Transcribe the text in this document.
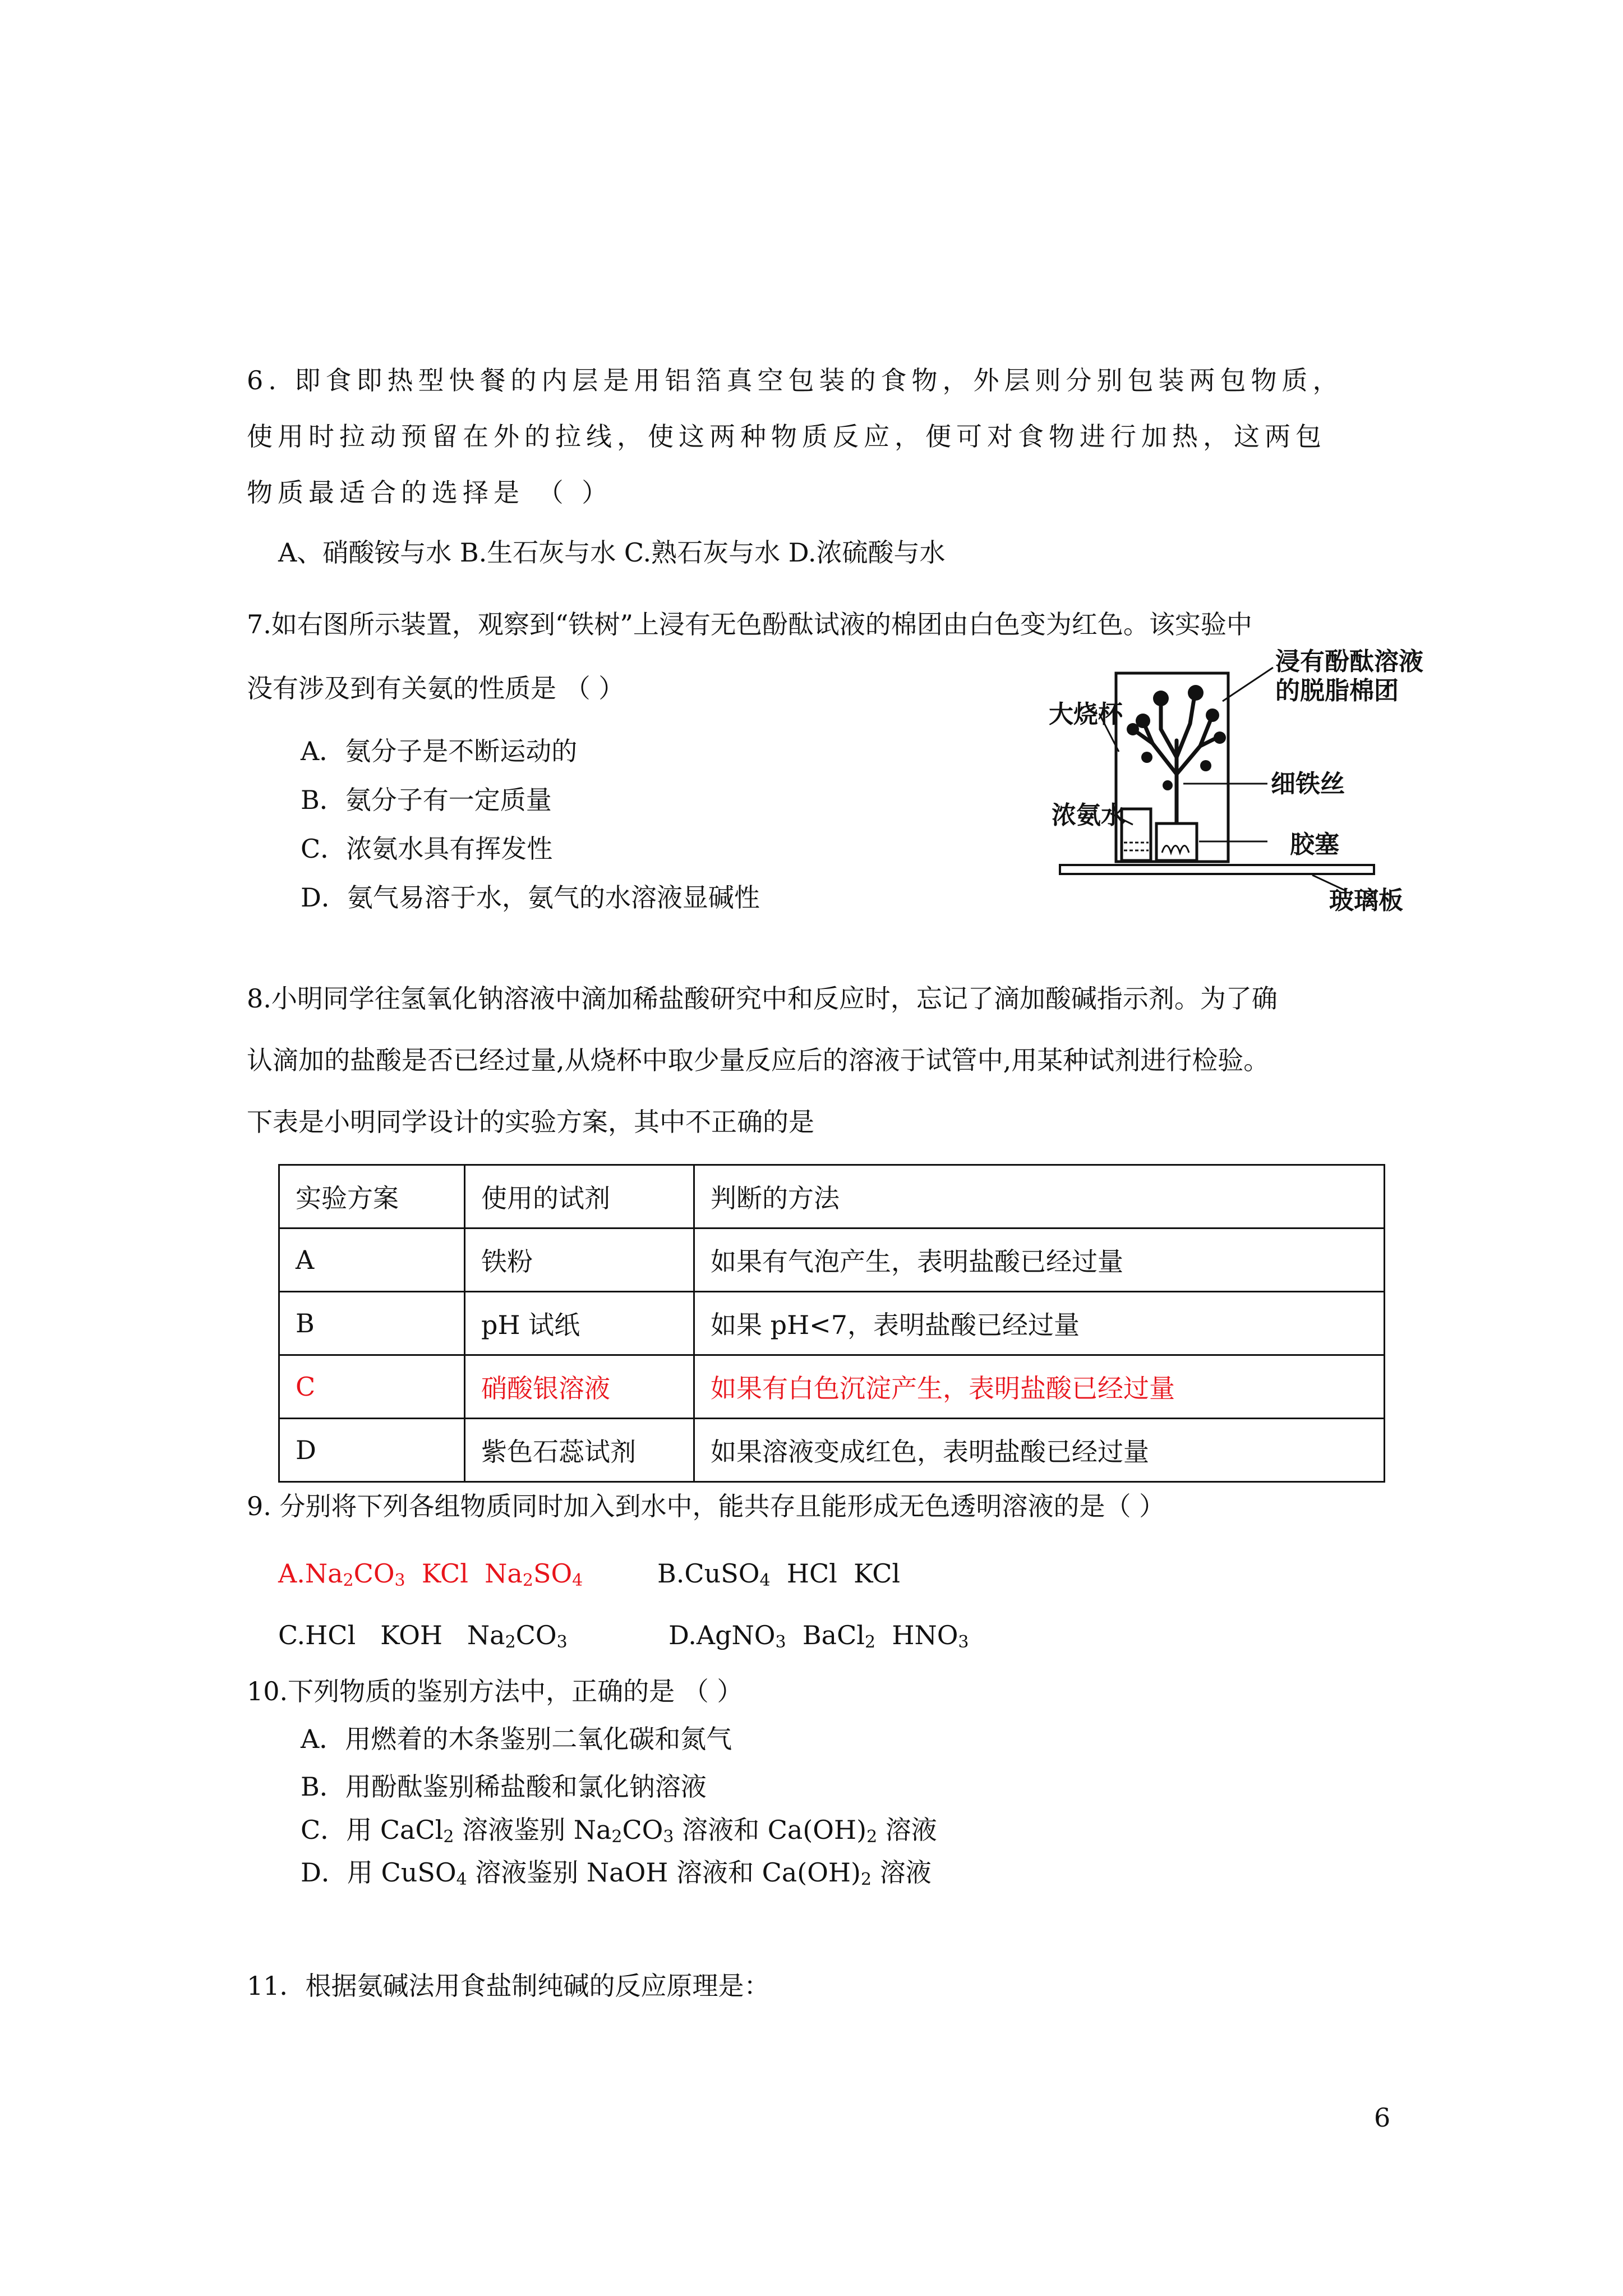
6. 即食即热型快餐的内层是用铝箔真空包装的食物，外层则分别包装两包物质，
使用时拉动预留在外的拉线，使这两种物质反应，便可对食物进行加热，这两包
物质最适合的选择是 （ ）
A、硝酸铵与水 B.生石灰与水 C.熟石灰与水 D.浓硫酸与水
7.如右图所示装置，观察到“铁树”上浸有无色酚酞试液的棉团由白色变为红色。该实验中
没有涉及到有关氨的性质是 （ ）
A．氨分子是不断运动的
B．氨分子有一定质量
C．浓氨水具有挥发性
D．氨气易溶于水，氨气的水溶液显碱性
浸有酚酞溶液
的脱脂棉团
大烧杯
细铁丝
浓氨水
胶塞
玻璃板
8.小明同学往氢氧化钠溶液中滴加稀盐酸研究中和反应时，忘记了滴加酸碱指示剂。为了确
认滴加的盐酸是否已经过量,从烧杯中取少量反应后的溶液于试管中,用某种试剂进行检验。
下表是小明同学设计的实验方案，其中不正确的是
实验方案	使用的试剂	判断的方法
A	铁粉	如果有气泡产生，表明盐酸已经过量
B	pH 试纸	如果 pH<7，表明盐酸已经过量
C	硝酸银溶液	如果有白色沉淀产生，表明盐酸已经过量
D	紫色石蕊试剂	如果溶液变成红色，表明盐酸已经过量
9. 分别将下列各组物质同时加入到水中，能共存且能形成无色透明溶液的是（ ）
$A.Na_2CO_3$  KCl  $Na_2SO_4$	B.CuSO$_4$  HCl  KCl
C.HCl   KOH   $Na_2CO_3$	D.AgNO$_3$  BaCl$_2$  $HNO_3$
10.下列物质的鉴别方法中，正确的是 （ ）
A．用燃着的木条鉴别二氧化碳和氮气
B．用酚酞鉴别稀盐酸和氯化钠溶液
C．用 CaCl$_2$ 溶液鉴别 $Na_2CO_3$ 溶液和 $Ca(OH)_2$ 溶液
D．用 CuSO$_4$ 溶液鉴别 NaOH 溶液和 $Ca(OH)_2$ 溶液
11．根据氨碱法用食盐制纯碱的反应原理是：
6
